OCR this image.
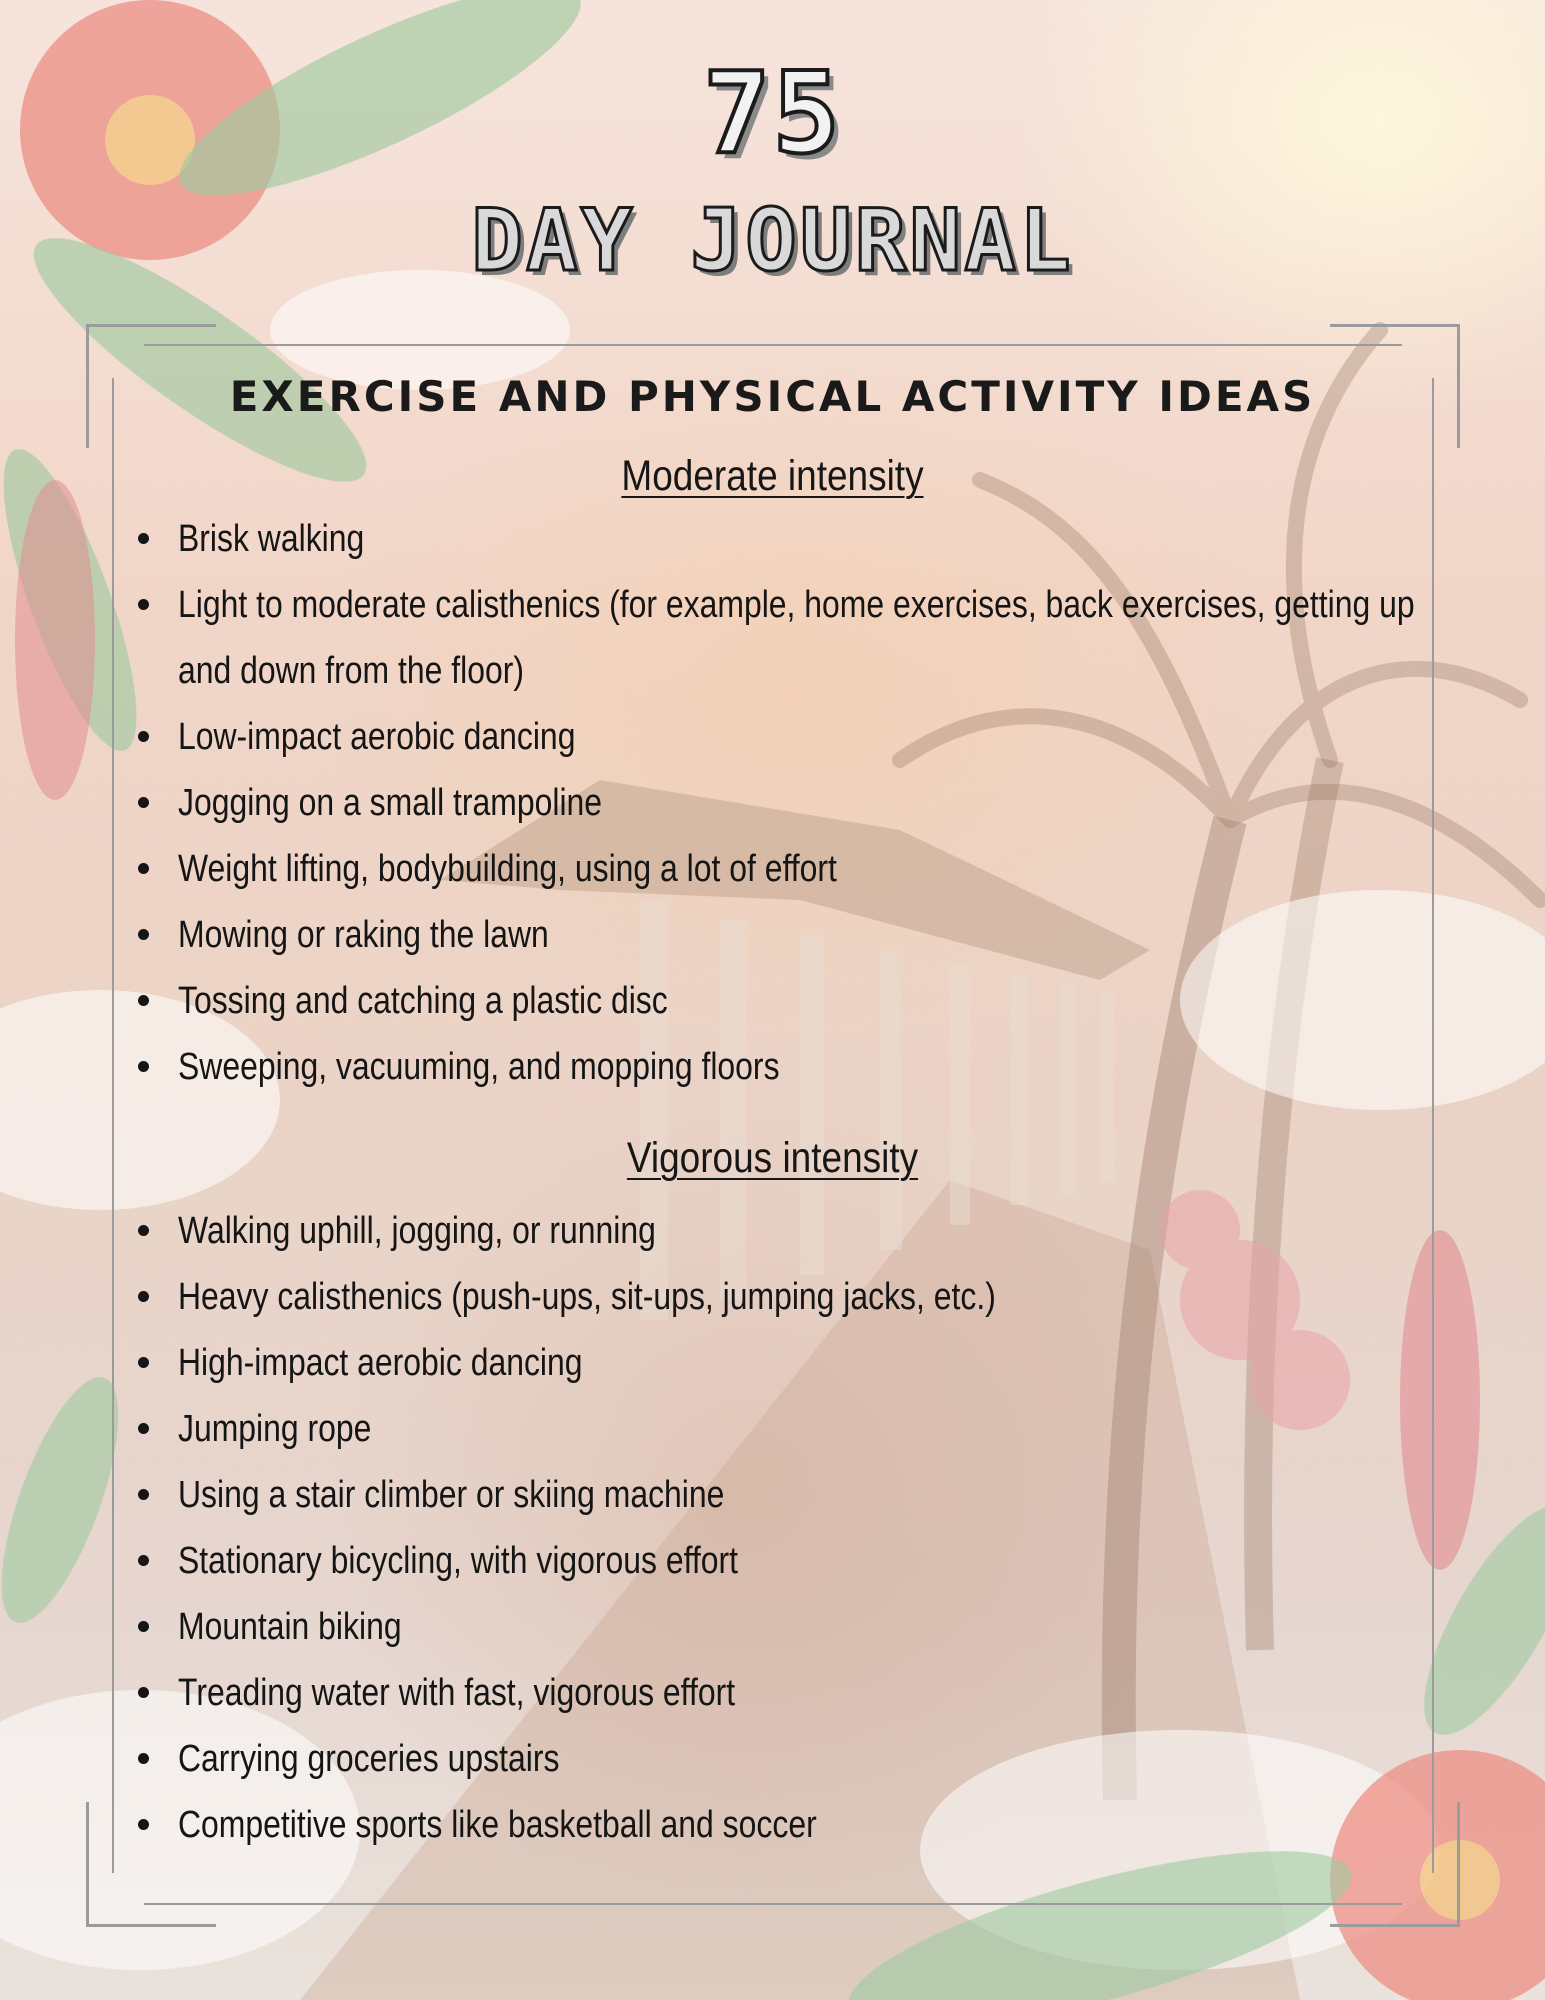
75
DAY JOURNAL
EXERCISE AND PHYSICAL ACTIVITY IDEAS
Moderate intensity
Brisk walking
Light to moderate calisthenics (for example, home exercises, back exercises, getting up and down from the floor)
Low-impact aerobic dancing
Jogging on a small trampoline
Weight lifting, bodybuilding, using a lot of effort
Mowing or raking the lawn
Tossing and catching a plastic disc
Sweeping, vacuuming, and mopping floors
Vigorous intensity
Walking uphill, jogging, or running
Heavy calisthenics (push-ups, sit-ups, jumping jacks, etc.)
High-impact aerobic dancing
Jumping rope
Using a stair climber or skiing machine
Stationary bicycling, with vigorous effort
Mountain biking
Treading water with fast, vigorous effort
Carrying groceries upstairs
Competitive sports like basketball and soccer
